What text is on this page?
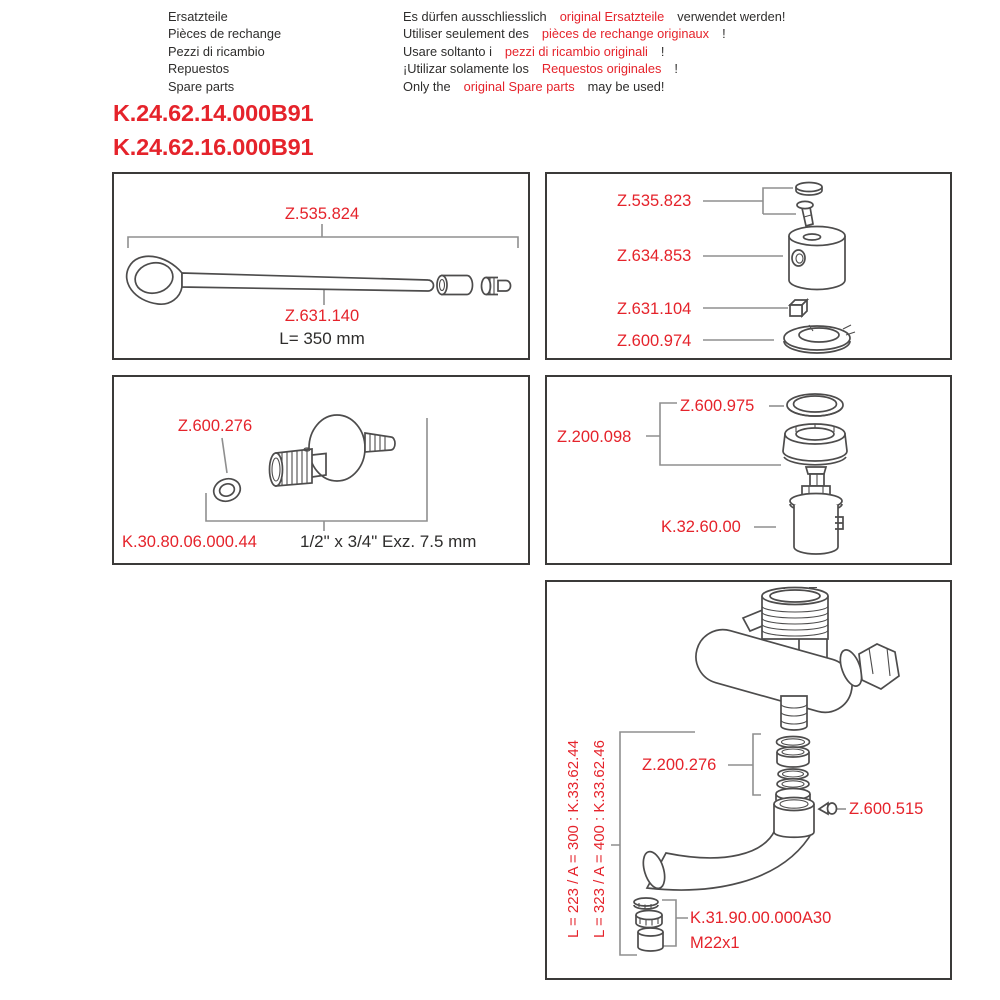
Ersatzteile
Pièces de rechange
Pezzi di ricambio
Repuestos
Spare parts
Es dürfen ausschliesslich original Ersatzteile verwendet werden!
Utiliser seulement des pièces de rechange originaux !
Usare soltanto i pezzi di ricambio originali !
¡Utilizar solamente los Requestos originales !
Only the original Spare parts may be used!
K.24.62.14.000B91
K.24.62.16.000B91
Z.535.824
Z.631.140
L= 350 mm
Z.535.823
Z.634.853
Z.631.104
Z.600.974
Z.600.276
K.30.80.06.000.44	1/2" x 3/4" Exz. 7.5 mm
Z.600.975
Z.200.098
K.32.60.00
Z.200.276
Z.600.515
K.31.90.00.000A30
M22x1
L = 223 / A = 300 : K.33.62.44 L = 323 / A = 400 : K.33.62.46
